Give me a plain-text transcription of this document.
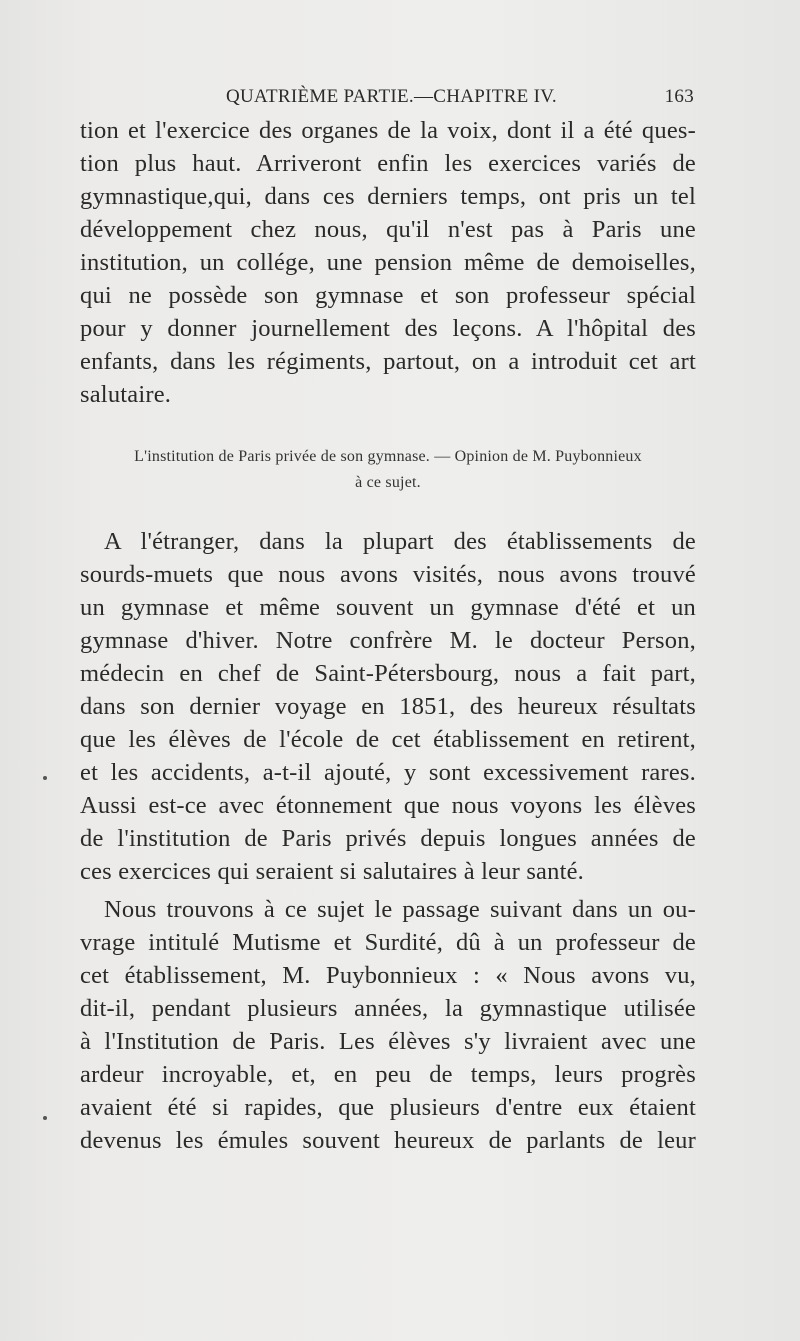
QUATRIÈME PARTIE.—CHAPITRE IV.	163
tion et l'exercice des organes de la voix, dont il a été ques-
tion plus haut. Arriveront enfin les exercices variés de
gymnastique,qui, dans ces derniers temps, ont pris un tel
développement chez nous, qu'il n'est pas à Paris une
institution, un collége, une pension même de demoiselles,
qui ne possède son gymnase et son professeur spécial
pour y donner journellement des leçons. A l'hôpital des
enfants, dans les régiments, partout, on a introduit cet art
salutaire.
L'institution de Paris privée de son gymnase. — Opinion de M. Puybonnieux
à ce sujet.
A l'étranger, dans la plupart des établissements de
sourds-muets que nous avons visités, nous avons trouvé
un gymnase et même souvent un gymnase d'été et un
gymnase d'hiver. Notre confrère M. le docteur Person,
médecin en chef de Saint-Pétersbourg, nous a fait part,
dans son dernier voyage en 1851, des heureux résultats
que les élèves de l'école de cet établissement en retirent,
et les accidents, a-t-il ajouté, y sont excessivement rares.
Aussi est-ce avec étonnement que nous voyons les élèves
de l'institution de Paris privés depuis longues années de
ces exercices qui seraient si salutaires à leur santé.
Nous trouvons à ce sujet le passage suivant dans un ou-
vrage intitulé Mutisme et Surdité, dû à un professeur de
cet établissement, M. Puybonnieux : « Nous avons vu,
dit-il, pendant plusieurs années, la gymnastique utilisée
à l'Institution de Paris. Les élèves s'y livraient avec une
ardeur incroyable, et, en peu de temps, leurs progrès
avaient été si rapides, que plusieurs d'entre eux étaient
devenus les émules souvent heureux de parlants de leur
